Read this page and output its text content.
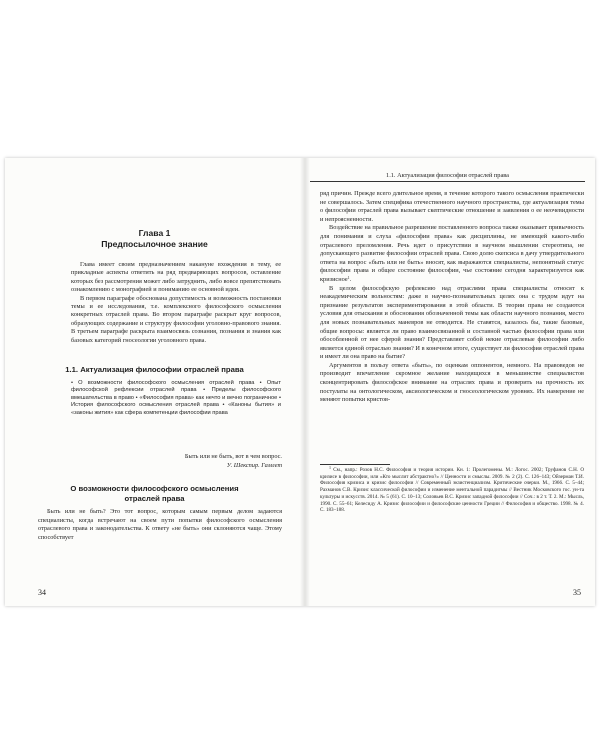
Глава 1
Предпосылочное знание

Глава имеет своим предназначением накануне вхождения в тему, ее прикладные аспекты ответить на ряд предваряющих вопросов, оставление которых без рассмотрения может либо затруднить, либо вовсе препятствовать ознакомлению с монографией и пониманию ее основной идеи.

В первом параграфе обоснована допустимость и возможность постановки темы и ее исследования, т.е. комплексного философского осмысления конкретных отраслей права. Во втором параграфе раскрыт круг вопросов, образующих содержание и структуру философии уголовно-правового знания. В третьем параграфе раскрыта взаимосвязь сознания, познания и знания как базовых категорий гносеологии уголовного права.

1.1. Актуализация философии отраслей права
• О возможности философского осмысления отраслей права • Опыт философской рефлексии отраслей права • Пределы философского вмешательства в право • «Философия права» как нечто и вечно пограничное • История философского осмысления отраслей права • «Каноны бытия» и «законы жития» как сфера компетенции философии права
Быть или не быть, вот в чем вопрос.
У. Шекспир. Гамлет
О возможности философского осмысления
отраслей права

Быть или не быть? Это тот вопрос, которым самым первым делом задаются специалисты, когда встречают на своем пути попытки философского осмысления отраслевого права и законодательства. К ответу «не быть» они склоняются чаще. Этому способствует

34
1.1. Актуализация философии отраслей права

ряд причин. Прежде всего длительное время, в течение которого такого осмысления практически не совершалось. Затем специфика отечественного научного пространства, где актуализация темы о философии отраслей права вызывает скептические отношение и заявления о ее неочевидности и непроясненности.

Воздействие на правильное разрешение поставленного вопроса также оказывает привычность для понимания и слуха «философии права» как дисциплины, не имеющей какого-либо отраслевого преломления. Речь идет о присутствии в научном мышлении стереотипа, не допускающего развитие философии отраслей права. Свою долю скепсиса в дачу утвердительного ответа на вопрос «быть или не быть» вносят, как выражаются специалисты, непонятный статус философии права и общее состояние философии, чье состояние сегодня характеризуется как кризисное$^1$.

В целом философскую рефлексию над отраслями права специалисты относят к неакадемическим вольностям: даже в научно-познавательных целях она с трудом идут на признание результатов экспериментирования в этой области. В теории права не создаются условия для отыскания и обоснования обозначенной темы как области научного познания, место для новых познавательных маневров не отводится. Не ставятся, казалось бы, такие базовые, общие вопросы: является ли право взаимосвязанной и составной частью философии права или обособленной от нее сферой знания? Представляет собой некие отраслевые философии либо является единой отраслью знания? И в конечном итоге, существует ли философия отраслей права и имеет ли она право на бытие?

Аргументов в пользу ответа «быть», по оценкам оппонентов, немного. На правоведов не производит впечатление скромное желание находящихся в меньшинстве специалистов сконцентрировать философское внимание на отраслях права и проверить на прочность их постулаты на онтологическом, аксиологическом и гносеологическом уровнях. Их намерение не меняют попытки кристов-

$^1$ См., напр.: Розов Н.С. Философия и теория истории. Кн. 1: Пролегомены. М.: Логос. 2002; Труфанов С.Н. О кризисе в философии, или «Кто мыслит абстрактно?» // Ценности и смыслы. 2009. № 2 (2). С. 126–143; Ойзерман Т.И. Философия кризиса и кризис философии // Современный экзистенциализм. Критические очерки. М., 1966. С. 5–44; Рахманов С.В. Кризис классической философии и изменение ментальной парадигмы // Вестник Московского гос. ун-та культуры и искусств. 2014. № 5 (61). С. 10–13; Соловьев В.С. Кризис западной философии // Соч.: в 2 т. Т. 2. М.: Мысль, 1990. С. 55–61; Келесиду А. Кризис философии и философские ценности Греции // Философия и общество. 1998. № 4. С. 183–188.
35
